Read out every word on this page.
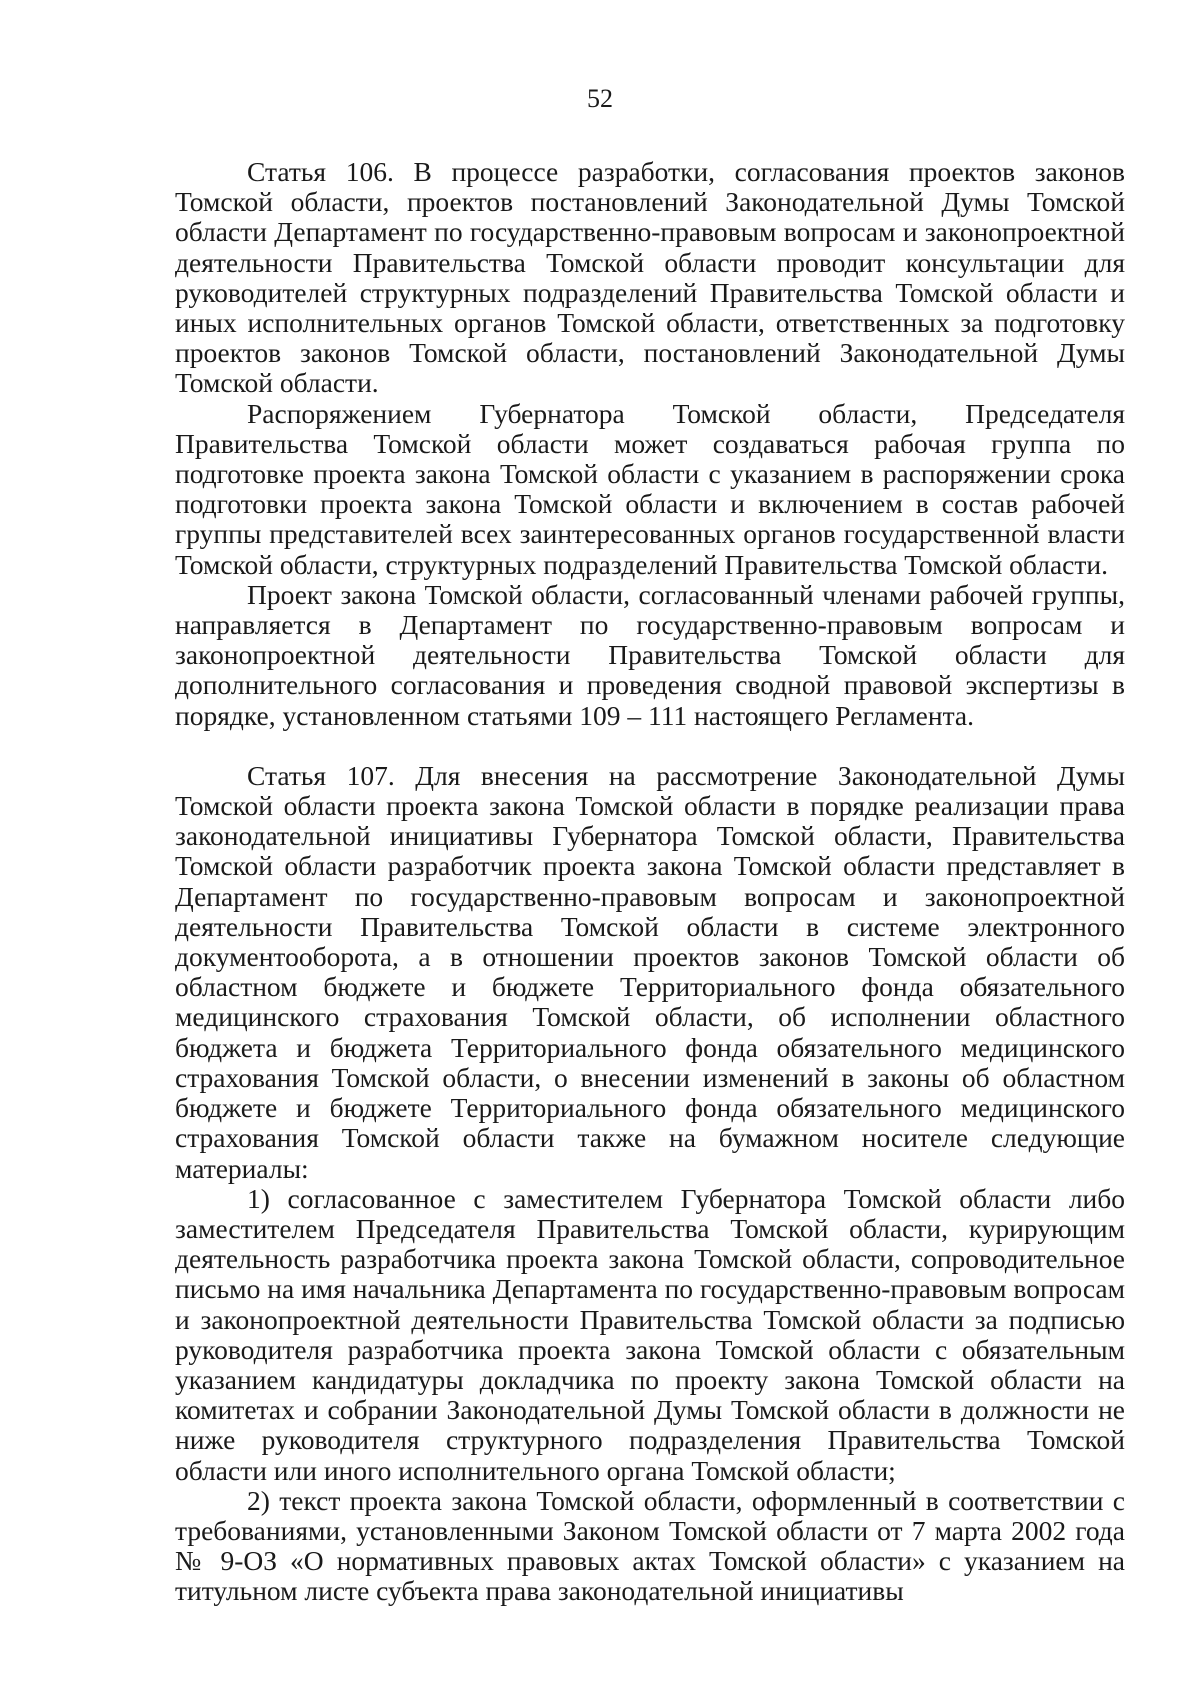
52

Статья 106. В процессе разработки, согласования проектов законов Томской области, проектов постановлений Законодательной Думы Томской области Департамент по государственно-правовым вопросам и законопроектной деятельности Правительства Томской области проводит консультации для руководителей структурных подразделений Правительства Томской области и иных исполнительных органов Томской области, ответственных за подготовку проектов законов Томской области, постановлений Законодательной Думы Томской области.

Распоряжением Губернатора Томской области, Председателя Правительства Томской области может создаваться рабочая группа по подготовке проекта закона Томской области с указанием в распоряжении срока подготовки проекта закона Томской области и включением в состав рабочей группы представителей всех заинтересованных органов государственной власти Томской области, структурных подразделений Правительства Томской области.

Проект закона Томской области, согласованный членами рабочей группы, направляется в Департамент по государственно-правовым вопросам и законопроектной деятельности Правительства Томской области для дополнительного согласования и проведения сводной правовой экспертизы в порядке, установленном статьями 109 – 111 настоящего Регламента.

Статья 107. Для внесения на рассмотрение Законодательной Думы Томской области проекта закона Томской области в порядке реализации права законодательной инициативы Губернатора Томской области, Правительства Томской области разработчик проекта закона Томской области представляет в Департамент по государственно-правовым вопросам и законопроектной деятельности Правительства Томской области в системе электронного документооборота, а в отношении проектов законов Томской области об областном бюджете и бюджете Территориального фонда обязательного медицинского страхования Томской области, об исполнении областного бюджета и бюджета Территориального фонда обязательного медицинского страхования Томской области, о внесении изменений в законы об областном бюджете и бюджете Территориального фонда обязательного медицинского страхования Томской области также на бумажном носителе следующие материалы:

1) согласованное с заместителем Губернатора Томской области либо заместителем Председателя Правительства Томской области, курирующим деятельность разработчика проекта закона Томской области, сопроводительное письмо на имя начальника Департамента по государственно-правовым вопросам и законопроектной деятельности Правительства Томской области за подписью руководителя разработчика проекта закона Томской области с обязательным указанием кандидатуры докладчика по проекту закона Томской области на комитетах и собрании Законодательной Думы Томской области в должности не ниже руководителя структурного подразделения Правительства Томской области или иного исполнительного органа Томской области;

2) текст проекта закона Томской области, оформленный в соответствии с требованиями, установленными Законом Томской области от 7 марта 2002 года № 9-ОЗ «О нормативных правовых актах Томской области» с указанием на титульном листе субъекта права законодательной инициативы
